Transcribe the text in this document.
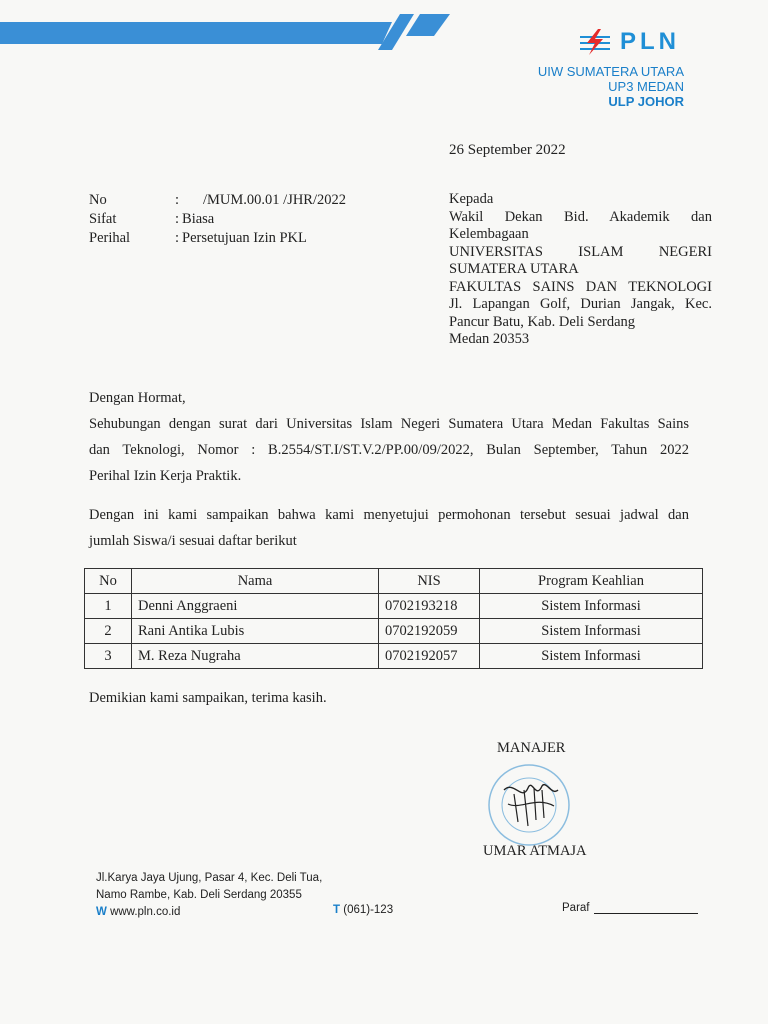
PLN
UIW SUMATERA UTARA
UP3 MEDAN
ULP JOHOR
26 September 2022
No	:	/MUM.00.01 /JHR/2022
Sifat	: Biasa
Perihal	: Persetujuan Izin PKL
Kepada
Wakil Dekan Bid. Akademik dan
Kelembagaan
UNIVERSITAS ISLAM NEGERI
SUMATERA UTARA
FAKULTAS SAINS DAN TEKNOLOGI
Jl. Lapangan Golf, Durian Jangak, Kec.
Pancur Batu, Kab. Deli Serdang
Medan 20353
Dengan Hormat,
Sehubungan dengan surat dari Universitas Islam Negeri Sumatera Utara Medan Fakultas Sains
dan Teknologi, Nomor : B.2554/ST.I/ST.V.2/PP.00/09/2022, Bulan September, Tahun 2022
Perihal Izin Kerja Praktik.
Dengan ini kami sampaikan bahwa kami menyetujui permohonan tersebut sesuai jadwal dan
jumlah Siswa/i sesuai daftar berikut
No	Nama	NIS	Program Keahlian
1	Denni Anggraeni	0702193218	Sistem Informasi
2	Rani Antika Lubis	0702192059	Sistem Informasi
3	M. Reza Nugraha	0702192057	Sistem Informasi
Demikian kami sampaikan, terima kasih.
MANAJER
UMAR ATMAJA
Jl.Karya Jaya Ujung, Pasar 4, Kec. Deli Tua,
Namo Rambe, Kab. Deli Serdang 20355
W www.pln.co.id	T (061)-123	Paraf
